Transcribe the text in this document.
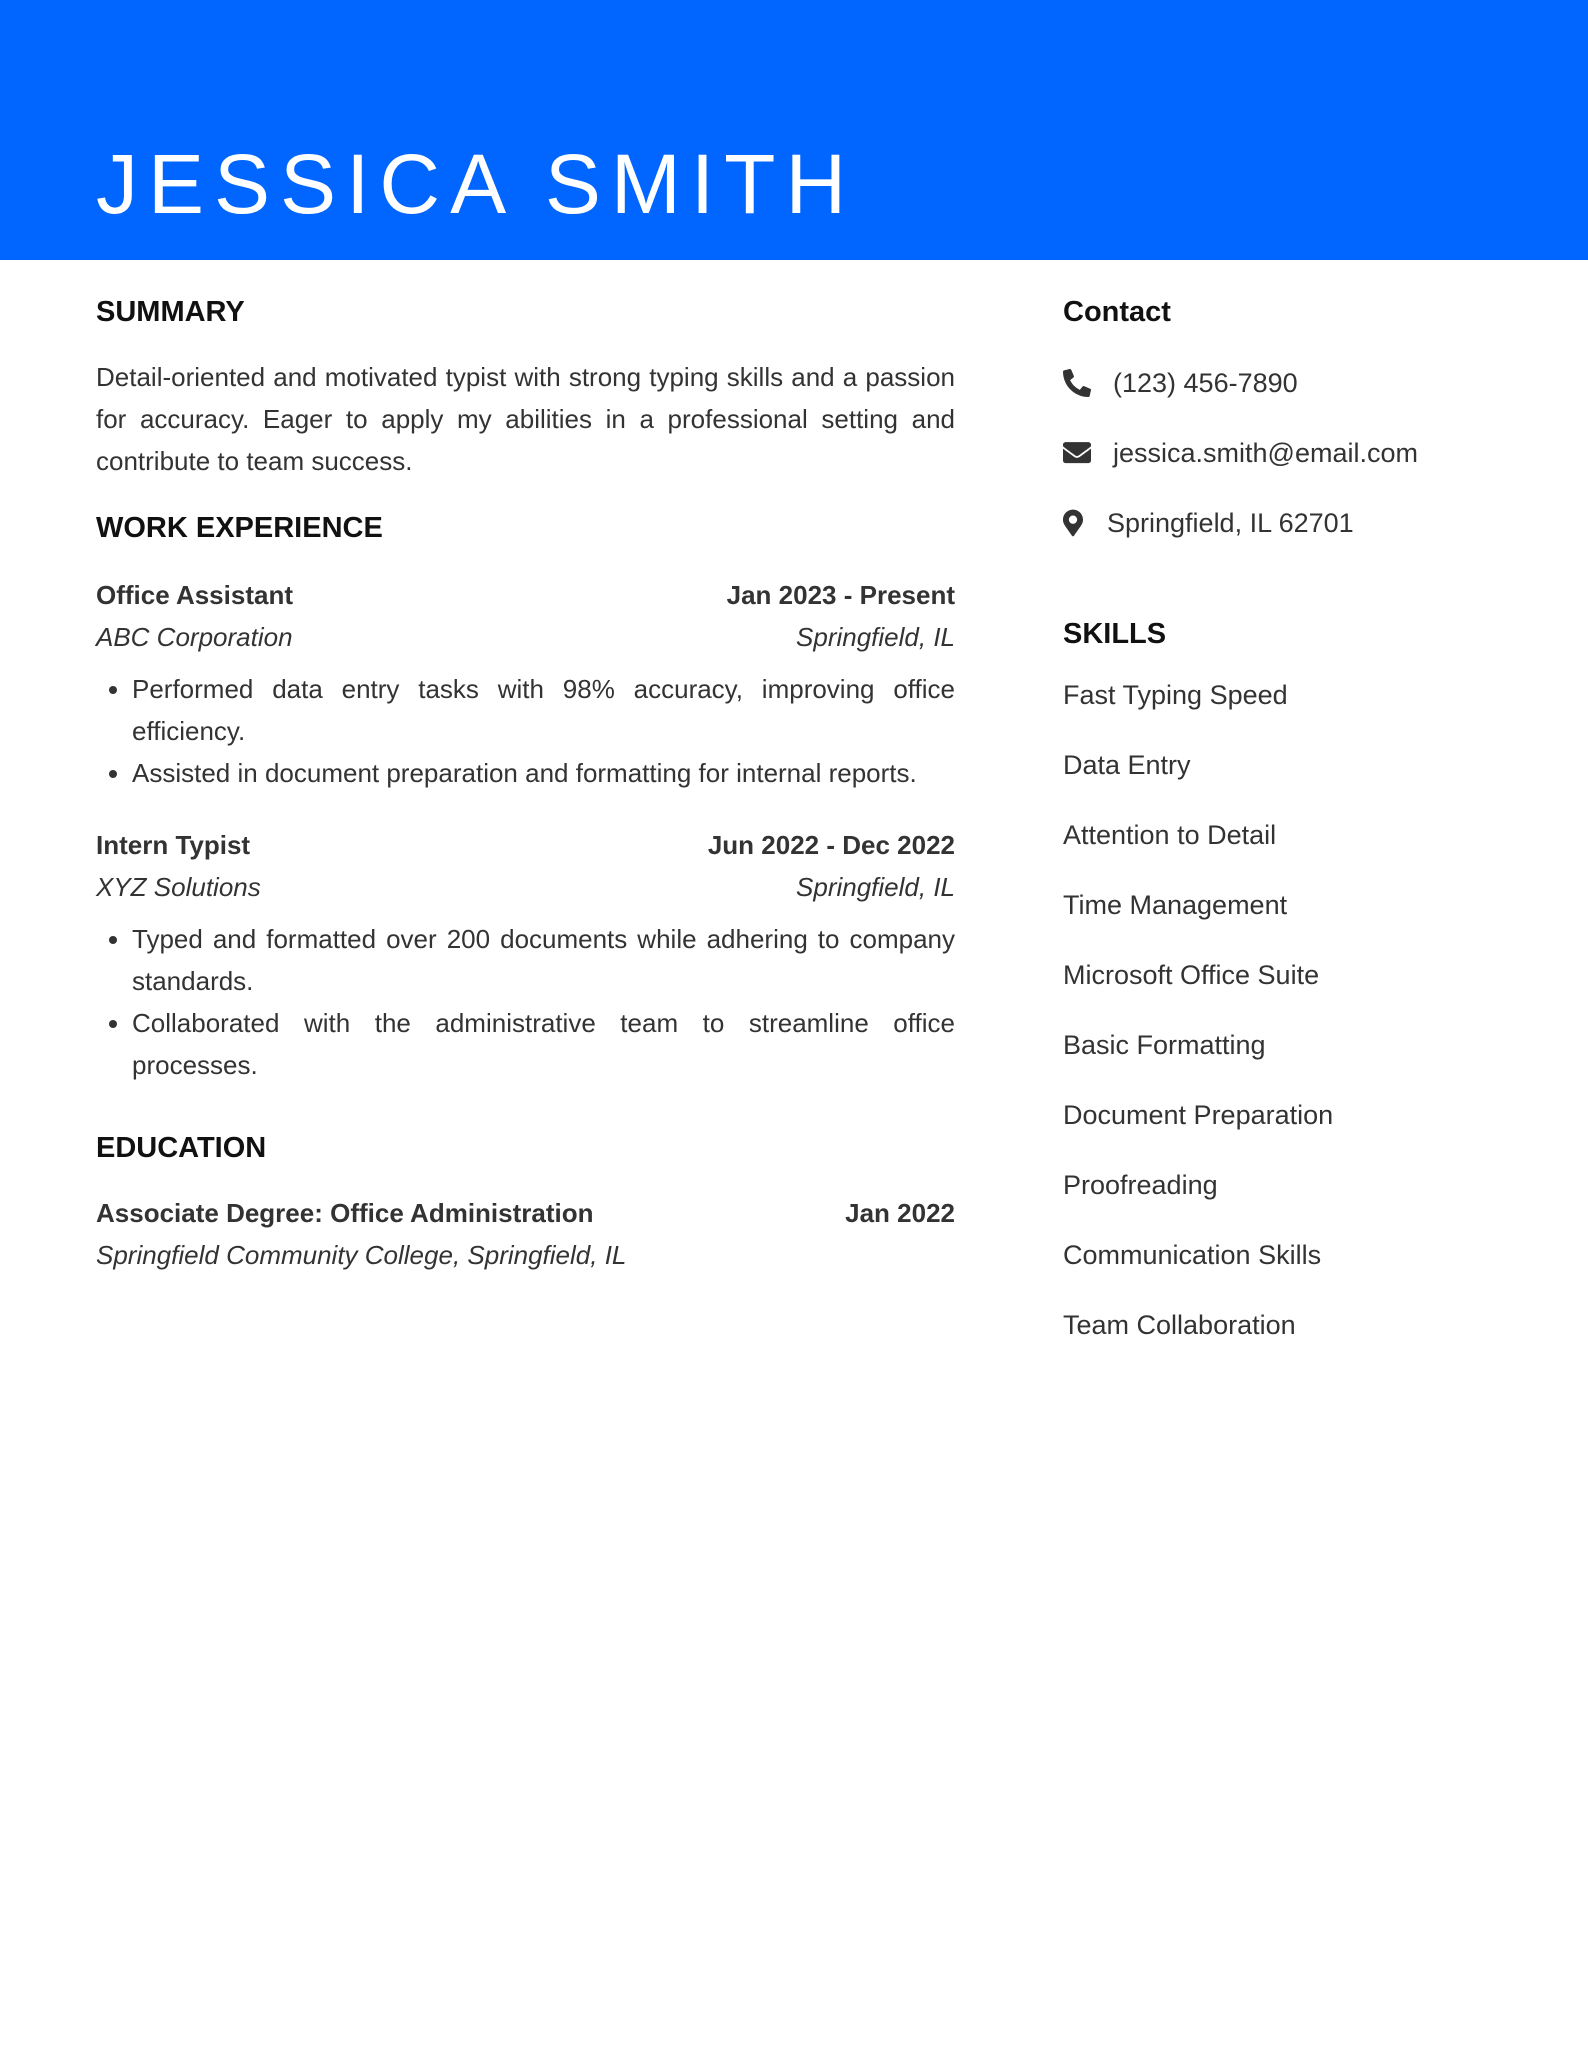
JESSICA SMITH
SUMMARY

Detail-oriented and motivated typist with strong typing skills and a passion for accuracy. Eager to apply my abilities in a professional setting and contribute to team success.

WORK EXPERIENCE
Office Assistant	Jan 2023 - Present
ABC Corporation	Springfield, IL
• Performed data entry tasks with 98% accuracy, improving office efficiency.
• Assisted in document preparation and formatting for internal reports.
Intern Typist	Jun 2022 - Dec 2022
XYZ Solutions	Springfield, IL
• Typed and formatted over 200 documents while adhering to company standards.
• Collaborated with the administrative team to streamline office processes.
EDUCATION
Associate Degree: Office Administration	Jan 2022
Springfield Community College, Springfield, IL
Contact
(123) 456-7890
jessica.smith@email.com
Springfield, IL 62701
SKILLS
Fast Typing Speed
Data Entry
Attention to Detail
Time Management
Microsoft Office Suite
Basic Formatting
Document Preparation
Proofreading
Communication Skills
Team Collaboration
